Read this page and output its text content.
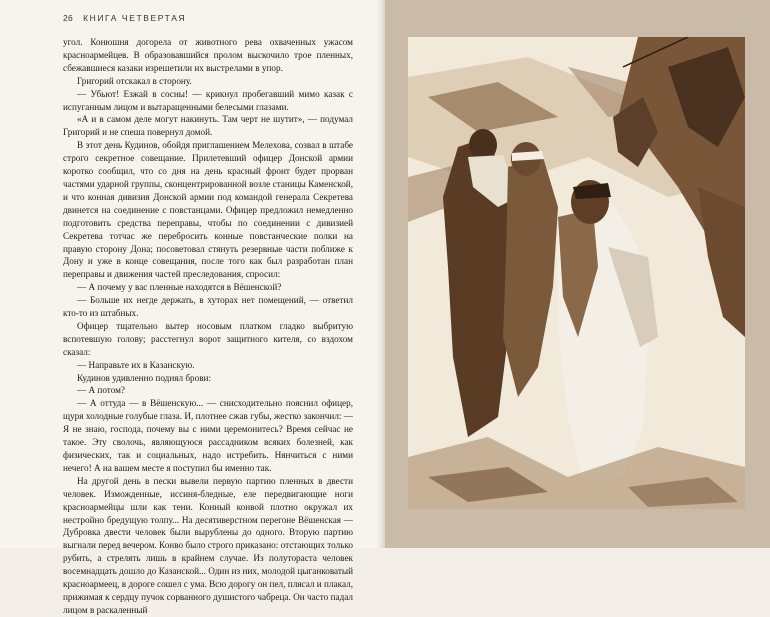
26 КНИГА ЧЕТВЕРТАЯ

угол. Конюшня догорела от животного рева охваченных ужасом красноармейцев. В образовавшийся пролом выскочило трое пленных, сбежавшиеся казаки изрешетили их выстрелами в упор.

Григорий отскакал в сторону.

— Убьют! Езжай в сосны! — крикнул пробегавший мимо казак с испуганным лицом и вытаращенными белесыми глазами.

«А и в самом деле могут накинуть. Там черт не шутит», — подумал Григорий и не спеша повернул домой.

В этот день Кудинов, обойдя приглашением Мелехова, созвал в штабе строго секретное совещание. Прилетевший офицер Донской армии коротко сообщил, что со дня на день красный фронт будет прорван частями ударной группы, сконцентрированной возле станицы Каменской, и что конная дивизия Донской армии под командой генерала Секретева двинется на соединение с повстанцами. Офицер предложил немедленно подготовить средства переправы, чтобы по соединении с дивизией Секретева тотчас же перебросить конные повстанческие полки на правую сторону Дона; посоветовал стянуть резервные части поближе к Дону и уже в конце совещания, после того как был разработан план переправы и движения частей преследования, спросил:

— А почему у вас пленные находятся в Вёшенской?

— Больше их негде держать, в хуторах нет помещений, — ответил кто-то из штабных.

Офицер тщательно вытер носовым платком гладко выбритую вспотевшую голову; расстегнул ворот защитного кителя, со вздохом сказал:

— Направьте их в Казанскую.

Кудинов удивленно поднял брови:

— А потом?

— А оттуда — в Вёшенскую... — снисходительно пояснил офицер, щуря холодные голубые глаза. И, плотнее сжав губы, жестко закончил: — Я не знаю, господа, почему вы с ними церемонитесь? Время сейчас не такое. Эту сволочь, являющуюся рассадником всяких болезней, как физических, так и социальных, надо истребить. Нянчиться с ними нечего! А на вашем месте я поступил бы именно так.

На другой день в пески вывели первую партию пленных в двести человек. Изможденные, иссиня-бледные, еле передвигающие ноги красноармейцы шли как тени. Конный конвой плотно окружал их нестройно бредущую толпу... На десятиверстном перегоне Вёшенская — Дубровка двести человек были вырублены до одного. Вторую партию выгнали перед вечером. Конво было строго приказано: отстающих только рубить, а стрелять лишь в крайнем случае. Из полутораста человек восемнадцать дошло до Казанской... Один из них, молодой цыганковатый красноармеец, в дороге сошел с ума. Всю дорогу он пел, плясал и плакал, прижимая к сердцу пучок сорванного душистого чабреца. Он часто падал лицом в раскаленный
